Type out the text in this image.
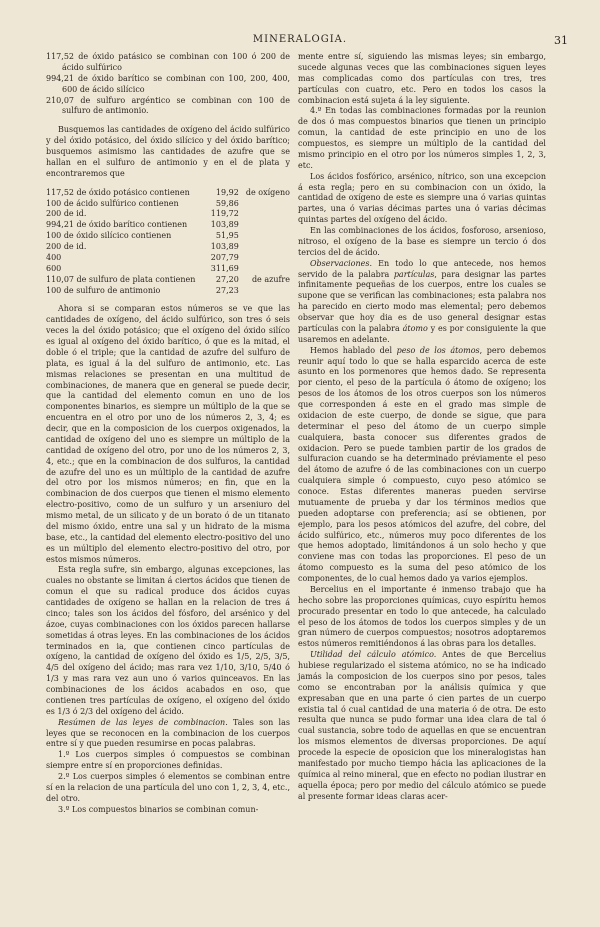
MINERALOGIA.	31

117,52 de óxido patásico se combinan con 100 ó 200 de ácido sulfúrico

994,21 de óxido barítico se combinan con 100, 200, 400, 600 de ácido silícico

210,07 de sulfuro argéntico se combinan con 100 de sulfuro de antimonio.

Busquemos las cantidades de oxígeno del ácido sulfúrico y del óxido potásico, del óxido silícico y del óxido barítico; busquemos asimismo las cantidades de azufre que se hallan en el sulfuro de antimonio y en el de plata y encontraremos que

117,52 de óxido potásico contienen	19,92	de oxígeno
100 de ácido sulfúrico contienen	59,86	
200 de id.	119,72	
994,21 de óxido barítico contienen	103,89	
100 de óxido silícico contienen	51,95	
200 de id.	103,89	
400	207,79	
600	311,69	
110,07 de sulfuro de plata contienen	27,20	de azufre
100 de sulfuro de antimonio	27,23	

Ahora si se comparan estos números se ve que las cantidades de oxígeno, del ácido sulfúrico, son tres ó seis veces la del óxido potásico; que el oxígeno del óxido silíco es igual al oxígeno del óxido barítico, ó que es la mitad, el doble ó el triple; que la cantidad de azufre del sulfuro de plata, es igual á la del sulfuro de antimonio, etc. Las mismas relaciones se presentan en una multitud de combinaciones, de manera que en general se puede decir, que la cantidad del elemento comun en uno de los componentes binarios, es siempre un múltiplo de la que se encuentra en el otro por uno de los números 2, 3, 4; es decir, que en la composicion de los cuerpos oxigenados, la cantidad de oxígeno del uno es siempre un múltiplo de la cantidad de oxígeno del otro, por uno de los números 2, 3, 4, etc.; que en la combinacion de dos sulfuros, la cantidad de azufre del uno es un múltiplo de la cantidad de azufre del otro por los mismos números; en fin, que en la combinacion de dos cuerpos que tienen el mismo elemento electro-positivo, como de un sulfuro y un arseniuro del mismo metal, de un silicato y de un borato ó de un titanato del mismo óxido, entre una sal y un hidrato de la misma base, etc., la cantidad del elemento electro-positivo del uno es un múltiplo del elemento electro-positivo del otro, por estos mismos números.

Esta regla sufre, sin embargo, algunas excepciones, las cuales no obstante se limitan á ciertos ácidos que tienen de comun el que su radical produce dos ácidos cuyas cantidades de oxígeno se hallan en la relacion de tres á cinco; tales son los ácidos del fósforo, del arsénico y del ázoe, cuyas combinaciones con los óxidos parecen hallarse sometidas á otras leyes. En las combinaciones de los ácidos terminados en ia, que contienen cinco partículas de oxígeno, la cantidad de oxígeno del óxido es 1/5, 2/5, 3/5, 4/5 del oxígeno del ácido; mas rara vez 1/10, 3/10, 5/40 ó 1/3 y mas rara vez aun uno ó varios quinceavos. En las combinaciones de los ácidos acabados en oso, que contienen tres partículas de oxígeno, el oxígeno del óxido es 1/3 ó 2/3 del oxígeno del ácido.

Resúmen de las leyes de combinacion. Tales son las leyes que se reconocen en la combinacion de los cuerpos entre sí y que pueden resumirse en pocas palabras.

1.º Los cuerpos simples ó compuestos se combinan siempre entre sí en proporciones definidas.

2.º Los cuerpos simples ó elementos se combinan entre sí en la relacion de una partícula del uno con 1, 2, 3, 4, etc., del otro.

3.º Los compuestos binarios se combinan comun-

mente entre sí, siguiendo las mismas leyes; sin embargo, sucede algunas veces que las combinaciones siguen leyes mas complicadas como dos partículas con tres, tres partículas con cuatro, etc. Pero en todos los casos la combinacion está sujeta á la ley siguiente.

4.º En todas las combinaciones formadas por la reunion de dos ó mas compuestos binarios que tienen un principio comun, la cantidad de este principio en uno de los compuestos, es siempre un múltiplo de la cantidad del mismo principio en el otro por los números simples 1, 2, 3, etc.

Los ácidos fosfórico, arsénico, nítrico, son una excepcion á esta regla; pero en su combinacion con un óxido, la cantidad de oxígeno de este es siempre una ó varias quintas partes, una ó varias décimas partes una ó varias décimas quintas partes del oxígeno del ácido.

En las combinaciones de los ácidos, fosforoso, arsenioso, nitroso, el oxígeno de la base es siempre un tercio ó dos tercios del de ácido.

Observaciones. En todo lo que antecede, nos hemos servido de la palabra partículas, para designar las partes infinitamente pequeñas de los cuerpos, entre los cuales se supone que se verifican las combinaciones; esta palabra nos ha parecido en cierto modo mas elemental; pero debemos observar que hoy dia es de uso general designar estas partículas con la palabra átomo y es por consiguiente la que usaremos en adelante.

Hemos hablado del peso de los átomos, pero debemos reunir aquí todo lo que se halla esparcido acerca de este asunto en los pormenores que hemos dado. Se representa por ciento, el peso de la partícula ó átomo de oxígeno; los pesos de los átomos de los otros cuerpos son los números que corresponden á este en el grado mas simple de oxidacion de este cuerpo, de donde se sigue, que para determinar el peso del átomo de un cuerpo simple cualquiera, basta conocer sus diferentes grados de oxidacion. Pero se puede tambien partir de los grados de sulfuracion cuando se ha determinado préviamente el peso del átomo de azufre ó de las combinaciones con un cuerpo cualquiera simple ó compuesto, cuyo peso atómico se conoce. Estas diferentes maneras pueden servirse mutuamente de prueba y dar los términos medios que pueden adoptarse con preferencia; así se obtienen, por ejemplo, para los pesos atómicos del azufre, del cobre, del ácido sulfúrico, etc., números muy poco diferentes de los que hemos adoptado, limitándonos á un solo hecho y que conviene mas con todas las proporciones. El peso de un átomo compuesto es la suma del peso atómico de los componentes, de lo cual hemos dado ya varios ejemplos.

Bercelius en el importante é inmenso trabajo que ha hecho sobre las proporciones químicas, cuyo espíritu hemos procurado presentar en todo lo que antecede, ha calculado el peso de los átomos de todos los cuerpos simples y de un gran número de cuerpos compuestos; nosotros adoptaremos estos números remitiéndonos á las obras para los detalles.

Utilidad del cálculo atómico. Antes de que Bercelius hubiese regularizado el sistema atómico, no se ha indicado jamás la composicion de los cuerpos sino por pesos, tales como se encontraban por la análisis química y que expresaban que en una parte ó cien partes de un cuerpo existia tal ó cual cantidad de una materia ó de otra. De esto resulta que nunca se pudo formar una idea clara de tal ó cual sustancia, sobre todo de aquellas en que se encuentran los mismos elementos de diversas proporciones. De aquí procede la especie de oposicion que los mineralogistas han manifestado por mucho tiempo hácia las aplicaciones de la química al reino mineral, que en efecto no podian ilustrar en aquella época; pero por medio del cálculo atómico se puede al presente formar ideas claras acer-
